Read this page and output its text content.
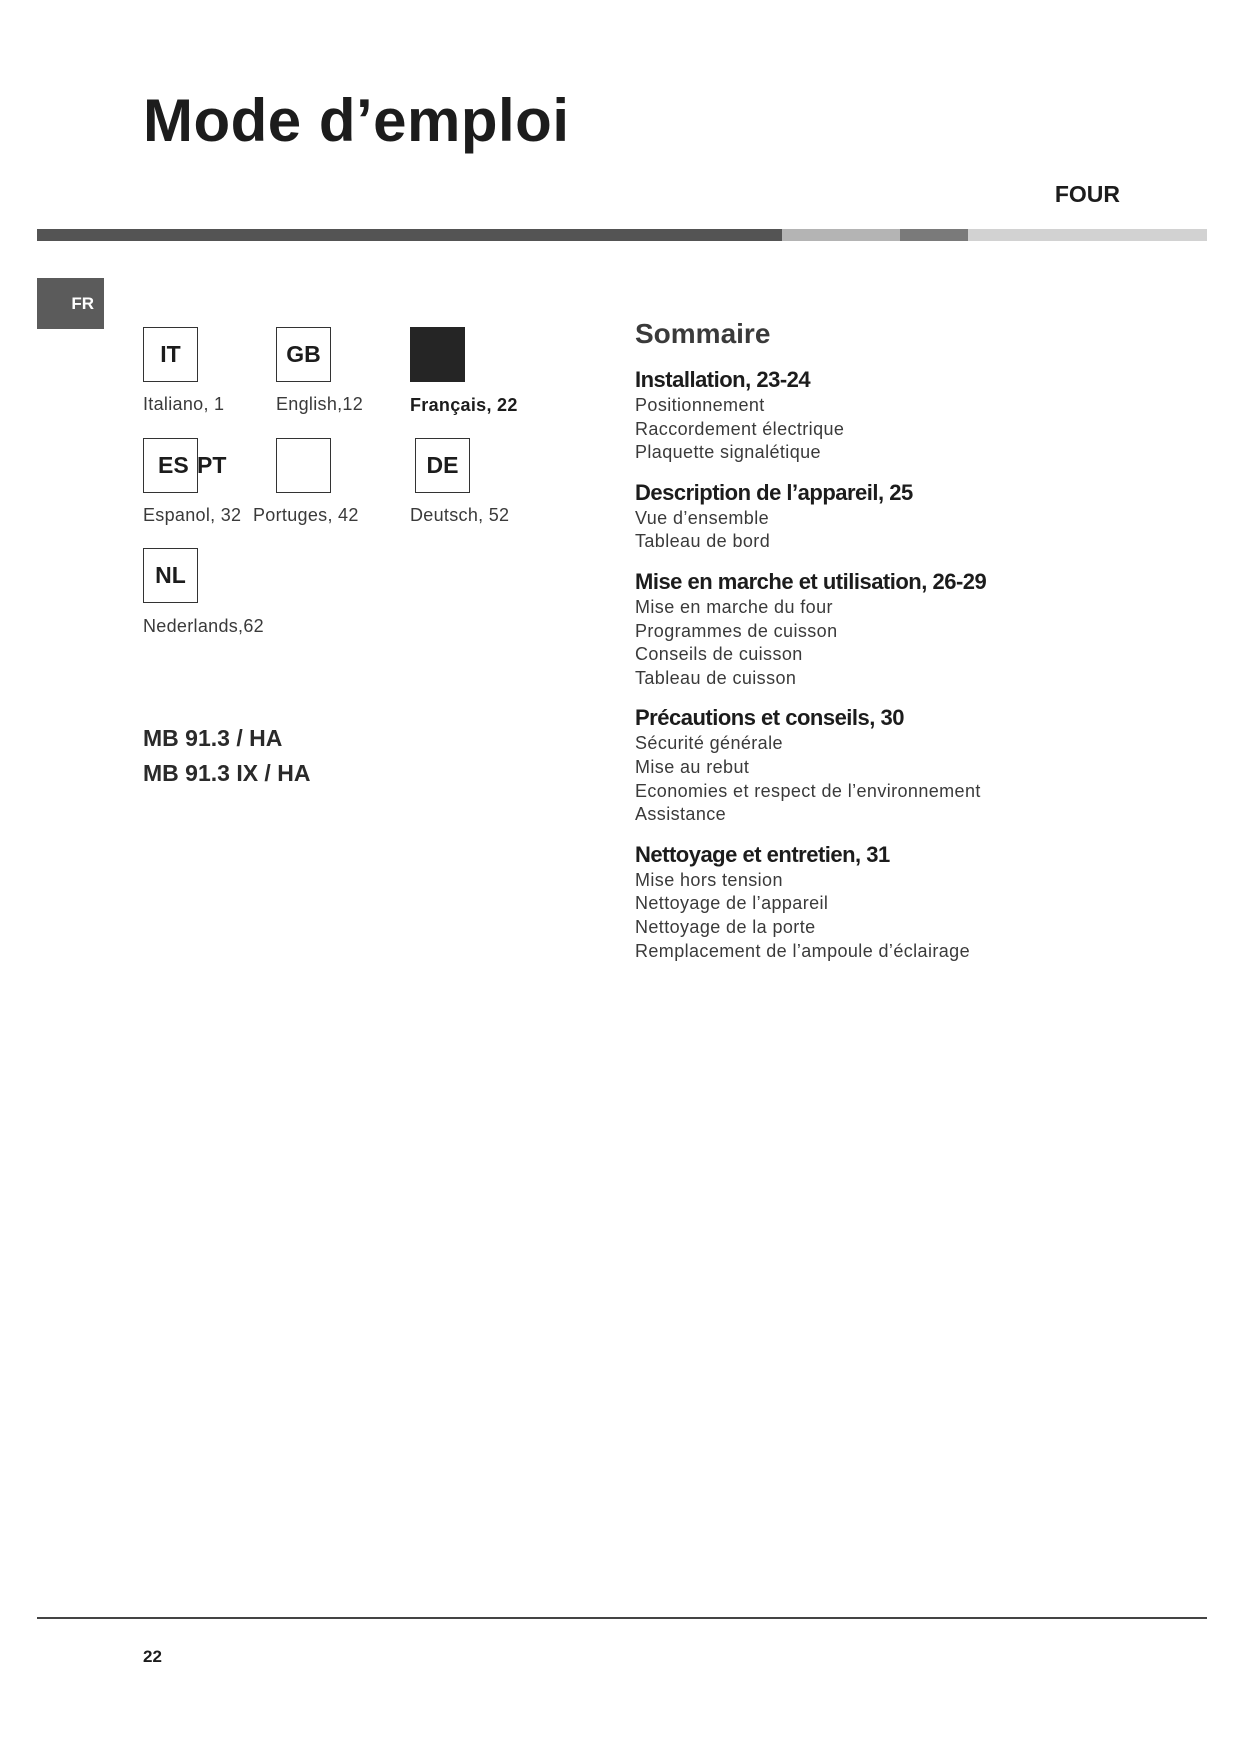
Mode d’emploi
FOUR
FR
IT
Italiano, 1
GB
English,12	Français, 22
ES
Espanol, 32
PT
Portuges, 42
DE
Deutsch, 52
NL
Nederlands,62
MB 91.3 / HA
MB 91.3 IX / HA
Sommaire
Installation, 23-24
Positionnement
Raccordement électrique
Plaquette signalétique
Description de l’appareil, 25
Vue d’ensemble
Tableau de bord
Mise en marche et utilisation, 26-29
Mise en marche du four
Programmes de cuisson
Conseils de cuisson
Tableau de cuisson
Précautions et conseils, 30
Sécurité générale
Mise au rebut
Economies et respect de l’environnement
Assistance
Nettoyage et entretien, 31
Mise hors tension
Nettoyage de l’appareil
Nettoyage de la porte
Remplacement de l’ampoule d’éclairage
22
